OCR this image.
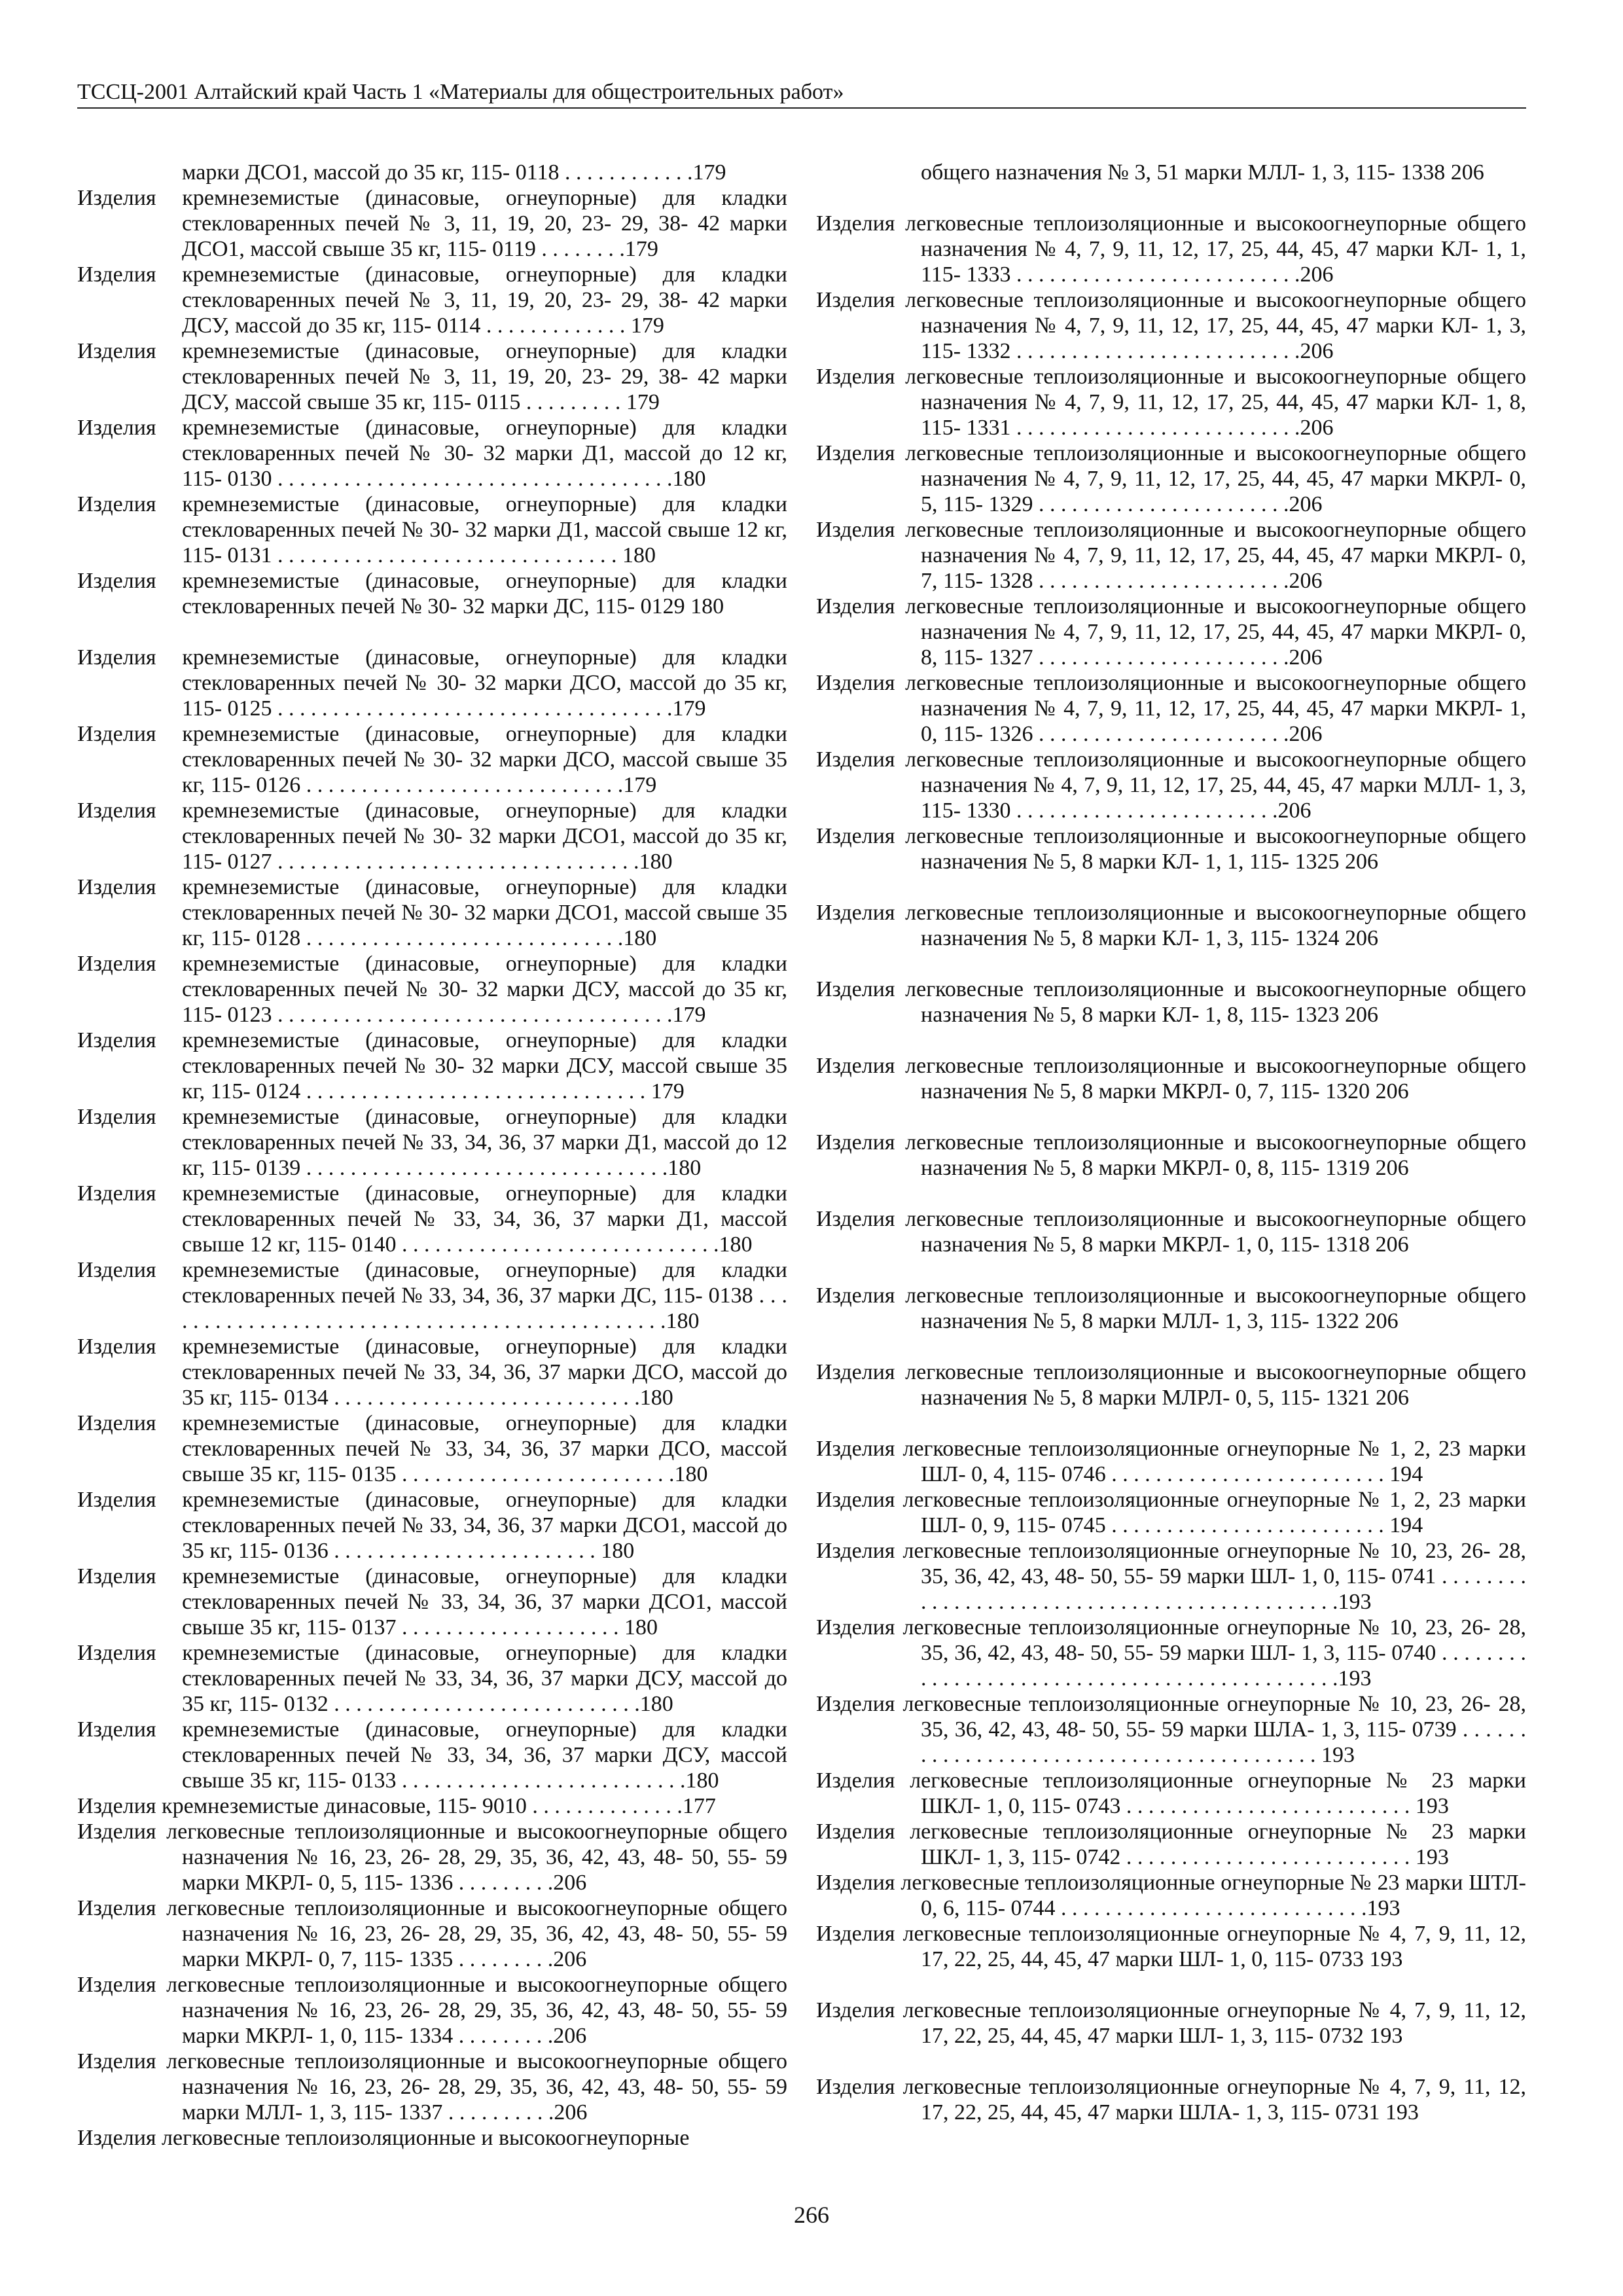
ТССЦ-2001 Алтайский край Часть 1 «Материалы для общестроительных работ»
марки ДСО1, массой до 35 кг, 115- 0118 . . . . . . . . . . . .179
Изделия кремнеземистые (динасовые, огнеупорные) для кладки стекловаренных печей № 3, 11, 19, 20, 23- 29, 38- 42 марки ДСО1, массой свыше 35 кг, 115- 0119 . . . . . . . .179
Изделия кремнеземистые (динасовые, огнеупорные) для кладки стекловаренных печей № 3, 11, 19, 20, 23- 29, 38- 42 марки ДСУ, массой до 35 кг, 115- 0114 . . . . . . . . . . . . . 179
Изделия кремнеземистые (динасовые, огнеупорные) для кладки стекловаренных печей № 3, 11, 19, 20, 23- 29, 38- 42 марки ДСУ, массой свыше 35 кг, 115- 0115 . . . . . . . . . 179
Изделия кремнеземистые (динасовые, огнеупорные) для кладки стекловаренных печей № 30- 32 марки Д1, массой до 12 кг, 115- 0130 . . . . . . . . . . . . . . . . . . . . . . . . . . . . . . . . . . . .180
Изделия кремнеземистые (динасовые, огнеупорные) для кладки стекловаренных печей № 30- 32 марки Д1, массой свыше 12 кг, 115- 0131 . . . . . . . . . . . . . . . . . . . . . . . . . . . . . . . 180
Изделия кремнеземистые (динасовые, огнеупорные) для кладки стекловаренных печей № 30- 32 марки ДС, 115- 0129 180
Изделия кремнеземистые (динасовые, огнеупорные) для кладки стекловаренных печей № 30- 32 марки ДСО, массой до 35 кг, 115- 0125 . . . . . . . . . . . . . . . . . . . . . . . . . . . . . . . . . . . .179
Изделия кремнеземистые (динасовые, огнеупорные) для кладки стекловаренных печей № 30- 32 марки ДСО, массой свыше 35 кг, 115- 0126 . . . . . . . . . . . . . . . . . . . . . . . . . . . . .179
Изделия кремнеземистые (динасовые, огнеупорные) для кладки стекловаренных печей № 30- 32 марки ДСО1, массой до 35 кг, 115- 0127 . . . . . . . . . . . . . . . . . . . . . . . . . . . . . . . . .180
Изделия кремнеземистые (динасовые, огнеупорные) для кладки стекловаренных печей № 30- 32 марки ДСО1, массой свыше 35 кг, 115- 0128 . . . . . . . . . . . . . . . . . . . . . . . . . . . . .180
Изделия кремнеземистые (динасовые, огнеупорные) для кладки стекловаренных печей № 30- 32 марки ДСУ, массой до 35 кг, 115- 0123 . . . . . . . . . . . . . . . . . . . . . . . . . . . . . . . . . . . .179
Изделия кремнеземистые (динасовые, огнеупорные) для кладки стекловаренных печей № 30- 32 марки ДСУ, массой свыше 35 кг, 115- 0124 . . . . . . . . . . . . . . . . . . . . . . . . . . . . . . . 179
Изделия кремнеземистые (динасовые, огнеупорные) для кладки стекловаренных печей № 33, 34, 36, 37 марки Д1, массой до 12 кг, 115- 0139 . . . . . . . . . . . . . . . . . . . . . . . . . . . . . . . . .180
Изделия кремнеземистые (динасовые, огнеупорные) для кладки стекловаренных печей № 33, 34, 36, 37 марки Д1, массой свыше 12 кг, 115- 0140 . . . . . . . . . . . . . . . . . . . . . . . . . . . . .180
Изделия кремнеземистые (динасовые, огнеупорные) для кладки стекловаренных печей № 33, 34, 36, 37 марки ДС, 115- 0138 . . . . . . . . . . . . . . . . . . . . . . . . . . . . . . . . . . . . . . . . . . . . . . .180
Изделия кремнеземистые (динасовые, огнеупорные) для кладки стекловаренных печей № 33, 34, 36, 37 марки ДСО, массой до 35 кг, 115- 0134 . . . . . . . . . . . . . . . . . . . . . . . . . . . .180
Изделия кремнеземистые (динасовые, огнеупорные) для кладки стекловаренных печей № 33, 34, 36, 37 марки ДСО, массой свыше 35 кг, 115- 0135 . . . . . . . . . . . . . . . . . . . . . . . . .180
Изделия кремнеземистые (динасовые, огнеупорные) для кладки стекловаренных печей № 33, 34, 36, 37 марки ДСО1, массой до 35 кг, 115- 0136 . . . . . . . . . . . . . . . . . . . . . . . . 180
Изделия кремнеземистые (динасовые, огнеупорные) для кладки стекловаренных печей № 33, 34, 36, 37 марки ДСО1, массой свыше 35 кг, 115- 0137 . . . . . . . . . . . . . . . . . . . . 180
Изделия кремнеземистые (динасовые, огнеупорные) для кладки стекловаренных печей № 33, 34, 36, 37 марки ДСУ, массой до 35 кг, 115- 0132 . . . . . . . . . . . . . . . . . . . . . . . . . . . .180
Изделия кремнеземистые (динасовые, огнеупорные) для кладки стекловаренных печей № 33, 34, 36, 37 марки ДСУ, массой свыше 35 кг, 115- 0133 . . . . . . . . . . . . . . . . . . . . . . . . . .180
Изделия кремнеземистые динасовые, 115- 9010 . . . . . . . . . . . . . .177
Изделия легковесные теплоизоляционные и высокоогнеупорные общего назначения № 16, 23, 26- 28, 29, 35, 36, 42, 43, 48- 50, 55- 59 марки МКРЛ- 0, 5, 115- 1336 . . . . . . . . .206
Изделия легковесные теплоизоляционные и высокоогнеупорные общего назначения № 16, 23, 26- 28, 29, 35, 36, 42, 43, 48- 50, 55- 59 марки МКРЛ- 0, 7, 115- 1335 . . . . . . . . .206
Изделия легковесные теплоизоляционные и высокоогнеупорные общего назначения № 16, 23, 26- 28, 29, 35, 36, 42, 43, 48- 50, 55- 59 марки МКРЛ- 1, 0, 115- 1334 . . . . . . . . .206
Изделия легковесные теплоизоляционные и высокоогнеупорные общего назначения № 16, 23, 26- 28, 29, 35, 36, 42, 43, 48- 50, 55- 59 марки МЛЛ- 1, 3, 115- 1337 . . . . . . . . . .206
Изделия легковесные теплоизоляционные и высокоогнеупорные
общего назначения № 3, 51 марки МЛЛ- 1, 3, 115- 1338 206
Изделия легковесные теплоизоляционные и высокоогнеупорные общего назначения № 4, 7, 9, 11, 12, 17, 25, 44, 45, 47 марки КЛ- 1, 1, 115- 1333 . . . . . . . . . . . . . . . . . . . . . . . . . .206
Изделия легковесные теплоизоляционные и высокоогнеупорные общего назначения № 4, 7, 9, 11, 12, 17, 25, 44, 45, 47 марки КЛ- 1, 3, 115- 1332 . . . . . . . . . . . . . . . . . . . . . . . . . .206
Изделия легковесные теплоизоляционные и высокоогнеупорные общего назначения № 4, 7, 9, 11, 12, 17, 25, 44, 45, 47 марки КЛ- 1, 8, 115- 1331 . . . . . . . . . . . . . . . . . . . . . . . . . .206
Изделия легковесные теплоизоляционные и высокоогнеупорные общего назначения № 4, 7, 9, 11, 12, 17, 25, 44, 45, 47 марки МКРЛ- 0, 5, 115- 1329 . . . . . . . . . . . . . . . . . . . . . . .206
Изделия легковесные теплоизоляционные и высокоогнеупорные общего назначения № 4, 7, 9, 11, 12, 17, 25, 44, 45, 47 марки МКРЛ- 0, 7, 115- 1328 . . . . . . . . . . . . . . . . . . . . . . .206
Изделия легковесные теплоизоляционные и высокоогнеупорные общего назначения № 4, 7, 9, 11, 12, 17, 25, 44, 45, 47 марки МКРЛ- 0, 8, 115- 1327 . . . . . . . . . . . . . . . . . . . . . . .206
Изделия легковесные теплоизоляционные и высокоогнеупорные общего назначения № 4, 7, 9, 11, 12, 17, 25, 44, 45, 47 марки МКРЛ- 1, 0, 115- 1326 . . . . . . . . . . . . . . . . . . . . . . .206
Изделия легковесные теплоизоляционные и высокоогнеупорные общего назначения № 4, 7, 9, 11, 12, 17, 25, 44, 45, 47 марки МЛЛ- 1, 3, 115- 1330 . . . . . . . . . . . . . . . . . . . . . . . .206
Изделия легковесные теплоизоляционные и высокоогнеупорные общего назначения № 5, 8 марки КЛ- 1, 1, 115- 1325 206
Изделия легковесные теплоизоляционные и высокоогнеупорные общего назначения № 5, 8 марки КЛ- 1, 3, 115- 1324 206
Изделия легковесные теплоизоляционные и высокоогнеупорные общего назначения № 5, 8 марки КЛ- 1, 8, 115- 1323 206
Изделия легковесные теплоизоляционные и высокоогнеупорные общего назначения № 5, 8 марки МКРЛ- 0, 7, 115- 1320 206
Изделия легковесные теплоизоляционные и высокоогнеупорные общего назначения № 5, 8 марки МКРЛ- 0, 8, 115- 1319 206
Изделия легковесные теплоизоляционные и высокоогнеупорные общего назначения № 5, 8 марки МКРЛ- 1, 0, 115- 1318 206
Изделия легковесные теплоизоляционные и высокоогнеупорные общего назначения № 5, 8 марки МЛЛ- 1, 3, 115- 1322 206
Изделия легковесные теплоизоляционные и высокоогнеупорные общего назначения № 5, 8 марки МЛРЛ- 0, 5, 115- 1321 206
Изделия легковесные теплоизоляционные огнеупорные № 1, 2, 23 марки ШЛ- 0, 4, 115- 0746 . . . . . . . . . . . . . . . . . . . . . . . . . 194
Изделия легковесные теплоизоляционные огнеупорные № 1, 2, 23 марки ШЛ- 0, 9, 115- 0745 . . . . . . . . . . . . . . . . . . . . . . . . . 194
Изделия легковесные теплоизоляционные огнеупорные № 10, 23, 26- 28, 35, 36, 42, 43, 48- 50, 55- 59 марки ШЛ- 1, 0, 115- 0741 . . . . . . . . . . . . . . . . . . . . . . . . . . . . . . . . . . . . . . . . . . . . . .193
Изделия легковесные теплоизоляционные огнеупорные № 10, 23, 26- 28, 35, 36, 42, 43, 48- 50, 55- 59 марки ШЛ- 1, 3, 115- 0740 . . . . . . . . . . . . . . . . . . . . . . . . . . . . . . . . . . . . . . . . . . . . . .193
Изделия легковесные теплоизоляционные огнеупорные № 10, 23, 26- 28, 35, 36, 42, 43, 48- 50, 55- 59 марки ШЛА- 1, 3, 115- 0739 . . . . . . . . . . . . . . . . . . . . . . . . . . . . . . . . . . . . . . . . . . 193
Изделия легковесные теплоизоляционные огнеупорные № 23 марки ШКЛ- 1, 0, 115- 0743 . . . . . . . . . . . . . . . . . . . . . . . . . . 193
Изделия легковесные теплоизоляционные огнеупорные № 23 марки ШКЛ- 1, 3, 115- 0742 . . . . . . . . . . . . . . . . . . . . . . . . . . 193
Изделия легковесные теплоизоляционные огнеупорные № 23 марки ШТЛ- 0, 6, 115- 0744 . . . . . . . . . . . . . . . . . . . . . . . . . . . .193
Изделия легковесные теплоизоляционные огнеупорные № 4, 7, 9, 11, 12, 17, 22, 25, 44, 45, 47 марки ШЛ- 1, 0, 115- 0733 193
Изделия легковесные теплоизоляционные огнеупорные № 4, 7, 9, 11, 12, 17, 22, 25, 44, 45, 47 марки ШЛ- 1, 3, 115- 0732 193
Изделия легковесные теплоизоляционные огнеупорные № 4, 7, 9, 11, 12, 17, 22, 25, 44, 45, 47 марки ШЛА- 1, 3, 115- 0731 193
266
